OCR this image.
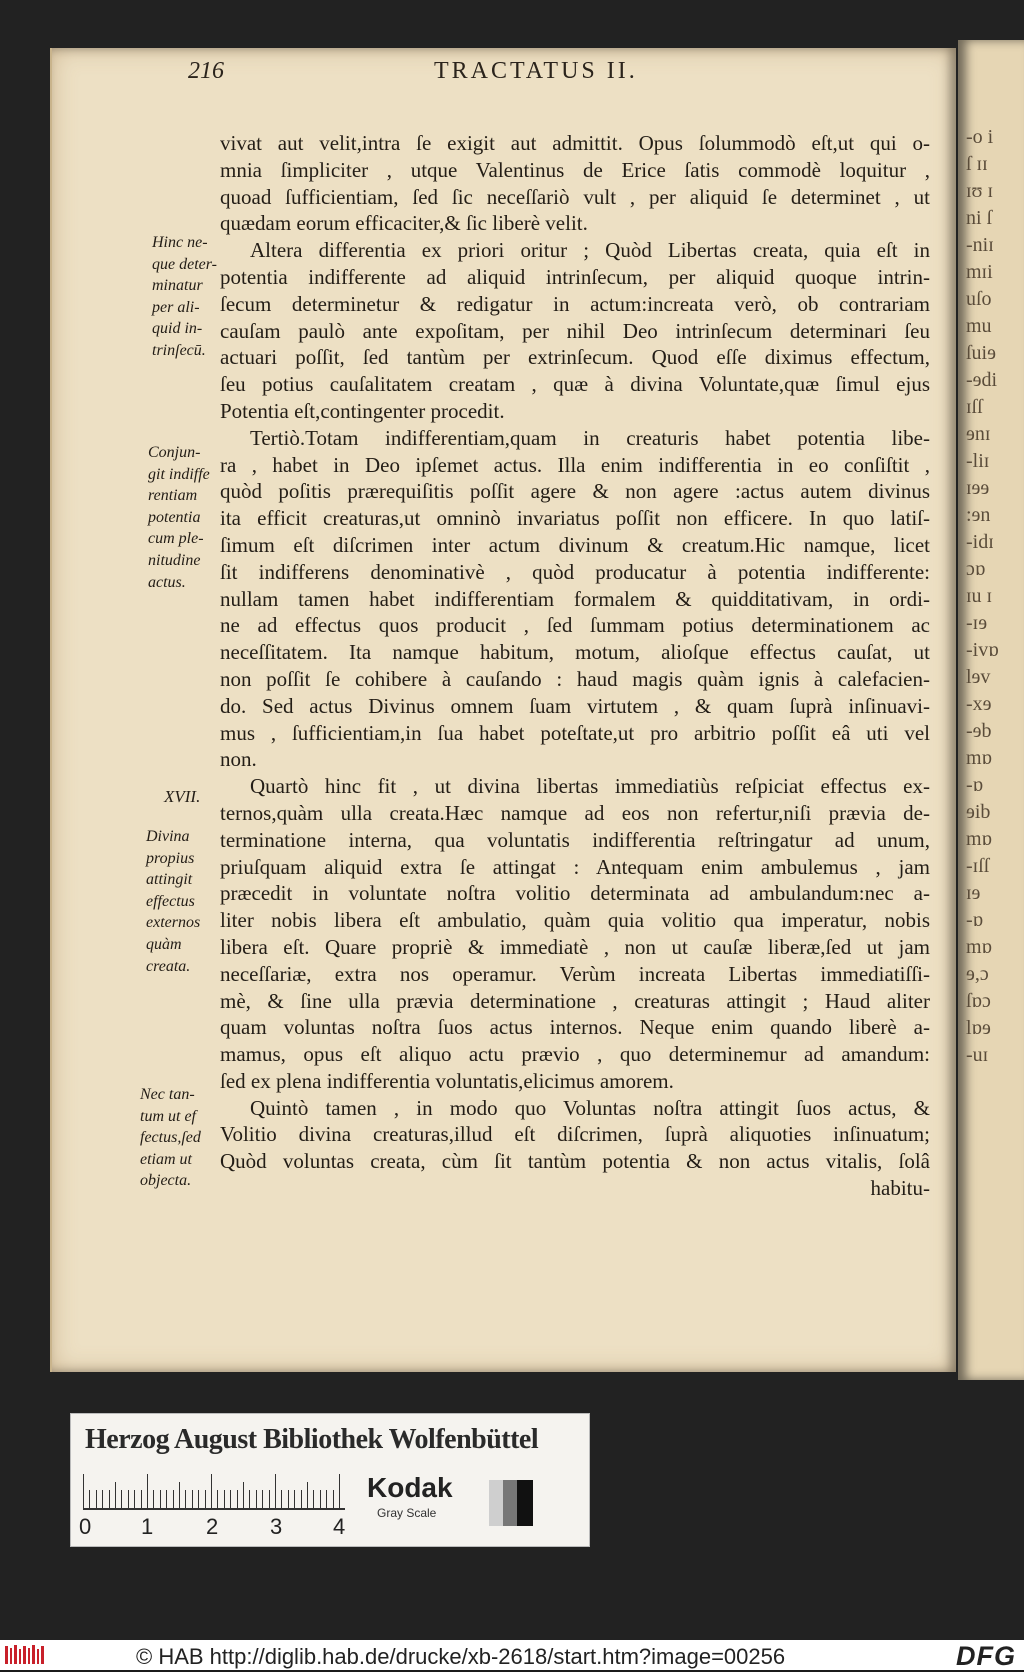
-o i
ſ ɪɪ
ɪʊ ɪ
ni ſ
-niɪ
mɪi
uſo
mu
ſuiɘ
-ɘdi
ɪſſ
ɘnɪ
-liɪ
ɪɘɘ
:ɘn
-idɪ
ɔɒ
ɪu ɪ
-ɪɘ
-ivɒ
lɘv
-xɘ
-ɘb
mɒ
-ɒ
ɘib
mɒ
-ɪſſ
ɪɘ
-ɒ
mɒ
ɘ,ɔ
ſɒɔ
lɒɘ
-uɪ
216	TRACTATUS II.
vivat aut velit,intra ſe exigit aut admittit. Opus ſolummodò eſt,ut qui o-
mnia ſimpliciter , utque Valentinus de Erice ſatis commodè loquitur ,
quoad ſufficientiam, ſed ſic neceſſariò vult , per aliquid ſe determinet , ut
quædam eorum efficaciter,& ſic liberè velit.
Altera differentia ex priori oritur ; Quòd Libertas creata, quia eſt in
potentia indifferente ad aliquid intrinſecum, per aliquid quoque intrin-
ſecum determinetur & redigatur in actum:increata verò, ob contrariam
cauſam paulò ante expoſitam, per nihil Deo intrinſecum determinari ſeu
actuari poſſit, ſed tantùm per extrinſecum. Quod eſſe diximus effectum,
ſeu potius cauſalitatem creatam , quæ à divina Voluntate,quæ ſimul ejus
Potentia eſt,contingenter procedit.
Tertiò.Totam indifferentiam,quam in creaturis habet potentia libe-
ra , habet in Deo ipſemet actus. Illa enim indifferentia in eo conſiſtit ,
quòd poſitis prærequiſitis poſſit agere & non agere :actus autem divinus
ita efficit creaturas,ut omninò invariatus poſſit non efficere. In quo latiſ-
ſimum eſt diſcrimen inter actum divinum & creatum.Hic namque, licet
ſit indifferens denominativè , quòd producatur à potentia indifferente:
nullam tamen habet indifferentiam formalem & quidditativam, in ordi-
ne ad effectus quos producit , ſed ſummam potius determinationem ac
neceſſitatem. Ita namque habitum, motum, alioſque effectus cauſat, ut
non poſſit ſe cohibere à cauſando : haud magis quàm ignis à calefacien-
do. Sed actus Divinus omnem ſuam virtutem , & quam ſuprà inſinuavi-
mus , ſufficientiam,in ſua habet poteſtate,ut pro arbitrio poſſit eâ uti vel
non.
Quartò hinc fit , ut divina libertas immediatiùs reſpiciat effectus ex-
ternos,quàm ulla creata.Hæc namque ad eos non refertur,niſi prævia de-
terminatione interna, qua voluntatis indifferentia reſtringatur ad unum,
priuſquam aliquid extra ſe attingat : Antequam enim ambulemus , jam
præcedit in voluntate noſtra volitio determinata ad ambulandum:nec a-
liter nobis libera eſt ambulatio, quàm quia volitio qua imperatur, nobis
libera eſt. Quare propriè & immediatè , non ut cauſæ liberæ,ſed ut jam
neceſſariæ, extra nos operamur. Verùm increata Libertas immediatiſſi-
mè, & ſine ulla prævia determinatione , creaturas attingit ; Haud aliter
quam voluntas noſtra ſuos actus internos. Neque enim quando liberè a-
mamus, opus eſt aliquo actu prævio , quo determinemur ad amandum:
ſed ex plena indifferentia voluntatis,elicimus amorem.
Quintò tamen , in modo quo Voluntas noſtra attingit ſuos actus, &
Volitio divina creaturas,illud eſt diſcrimen, ſuprà aliquoties inſinuatum;
Quòd voluntas creata, cùm ſit tantùm potentia & non actus vitalis, ſolâ
habitu-
Hinc ne-
que deter-
minatur
per ali-
quid in-
trinſecū.
Conjun-
git indiffe
rentiam
potentia
cum ple-
nitudine
actus.
XVII.
Divina
propius
attingit
effectus
externos
quàm
creata.
Nec tan-
tum ut ef
fectus,ſed
etiam ut
objecta.
Herzog August Bibliothek Wolfenbüttel
0 1 2 3 4
Kodak
Gray Scale
© HAB http://diglib.hab.de/drucke/xb-2618/start.htm?image=00256	DFG
